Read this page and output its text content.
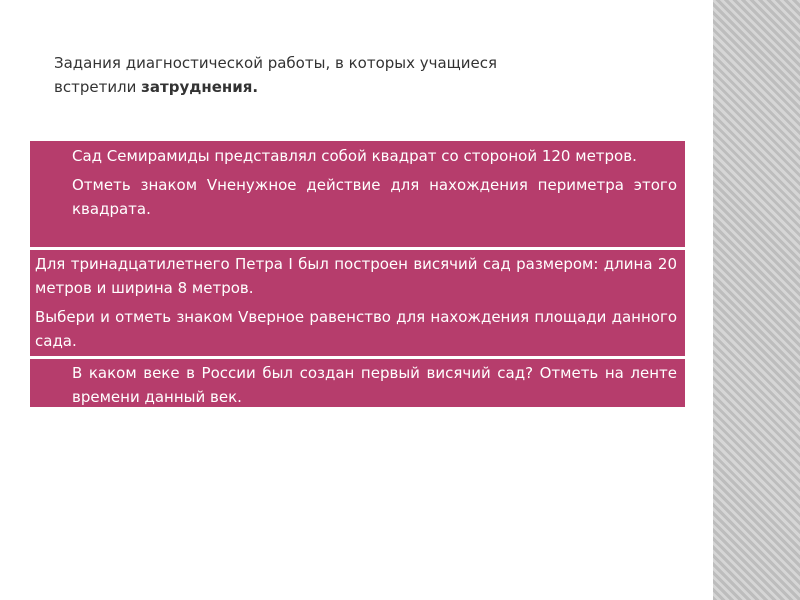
Задания диагностической работы, в которых учащиеся
встретили затруднения.

Сад Семирамиды представлял собой квадрат со стороной 120 метров.

Отметь знаком Vненужное действие для нахождения периметра этого квадрата.

Для тринадцатилетнего Петра I был построен висячий сад размером: длина 20 метров и ширина 8 метров.

Выбери и отметь знаком Vверное равенство для нахождения площади данного сада.

В каком веке в России был создан первый висячий сад? Отметь на ленте времени данный век.
